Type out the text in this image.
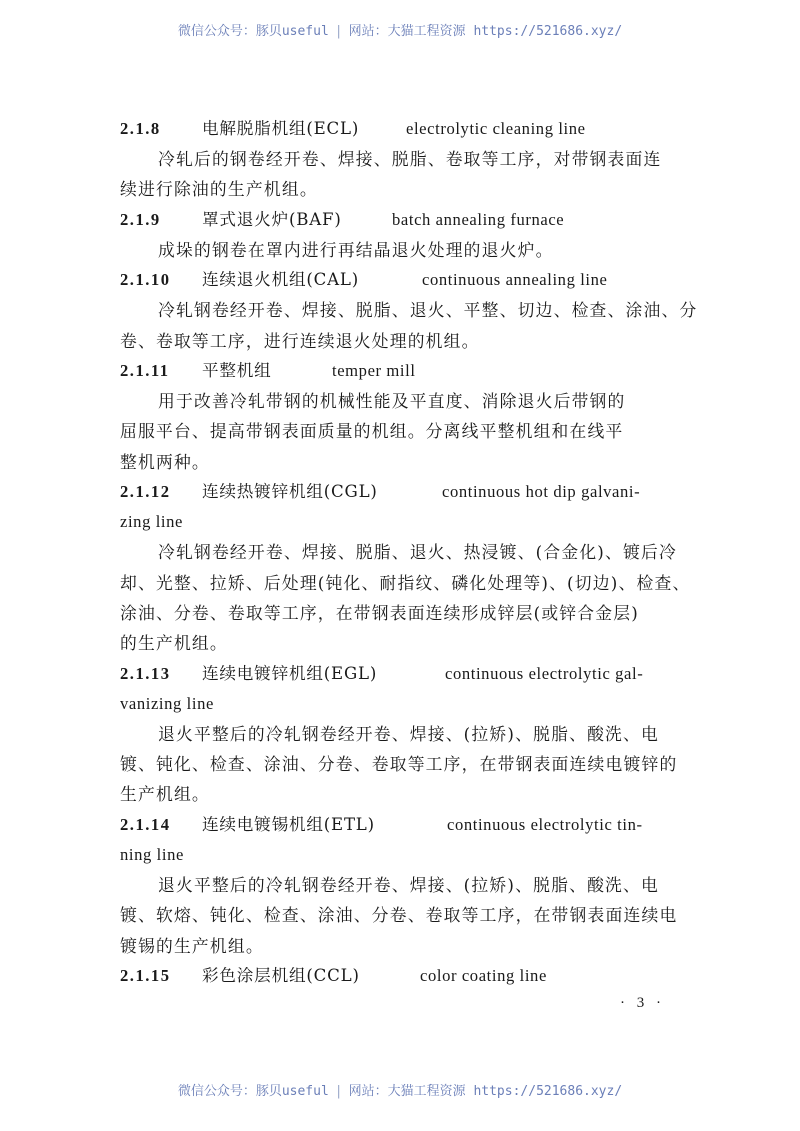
微信公众号：豚贝useful | 网站：大猫工程资源 https://521686.xyz/
2.1.8 电解脱脂机组(ECL)	electrolytic cleaning line
冷轧后的钢卷经开卷、焊接、脱脂、卷取等工序，对带钢表面连
续进行除油的生产机组。
2.1.9 罩式退火炉(BAF)	batch annealing furnace
成垛的钢卷在罩内进行再结晶退火处理的退火炉。
2.1.10 连续退火机组(CAL)	continuous annealing line
冷轧钢卷经开卷、焊接、脱脂、退火、平整、切边、检查、涂油、分
卷、卷取等工序，进行连续退火处理的机组。
2.1.11 平整机组	temper mill
用于改善冷轧带钢的机械性能及平直度、消除退火后带钢的
屈服平台、提高带钢表面质量的机组。分离线平整机组和在线平
整机两种。
2.1.12 连续热镀锌机组(CGL)	continuous hot dip galvani-
zing line
冷轧钢卷经开卷、焊接、脱脂、退火、热浸镀、(合金化)、镀后冷
却、光整、拉矫、后处理(钝化、耐指纹、磷化处理等)、(切边)、检查、
涂油、分卷、卷取等工序，在带钢表面连续形成锌层(或锌合金层)
的生产机组。
2.1.13 连续电镀锌机组(EGL)	continuous electrolytic gal-
vanizing line
退火平整后的冷轧钢卷经开卷、焊接、(拉矫)、脱脂、酸洗、电
镀、钝化、检查、涂油、分卷、卷取等工序，在带钢表面连续电镀锌的
生产机组。
2.1.14 连续电镀锡机组(ETL)	continuous electrolytic tin-
ning line
退火平整后的冷轧钢卷经开卷、焊接、(拉矫)、脱脂、酸洗、电
镀、软熔、钝化、检查、涂油、分卷、卷取等工序，在带钢表面连续电
镀锡的生产机组。
2.1.15 彩色涂层机组(CCL)	color coating line
· 3 ·
微信公众号：豚贝useful | 网站：大猫工程资源 https://521686.xyz/
